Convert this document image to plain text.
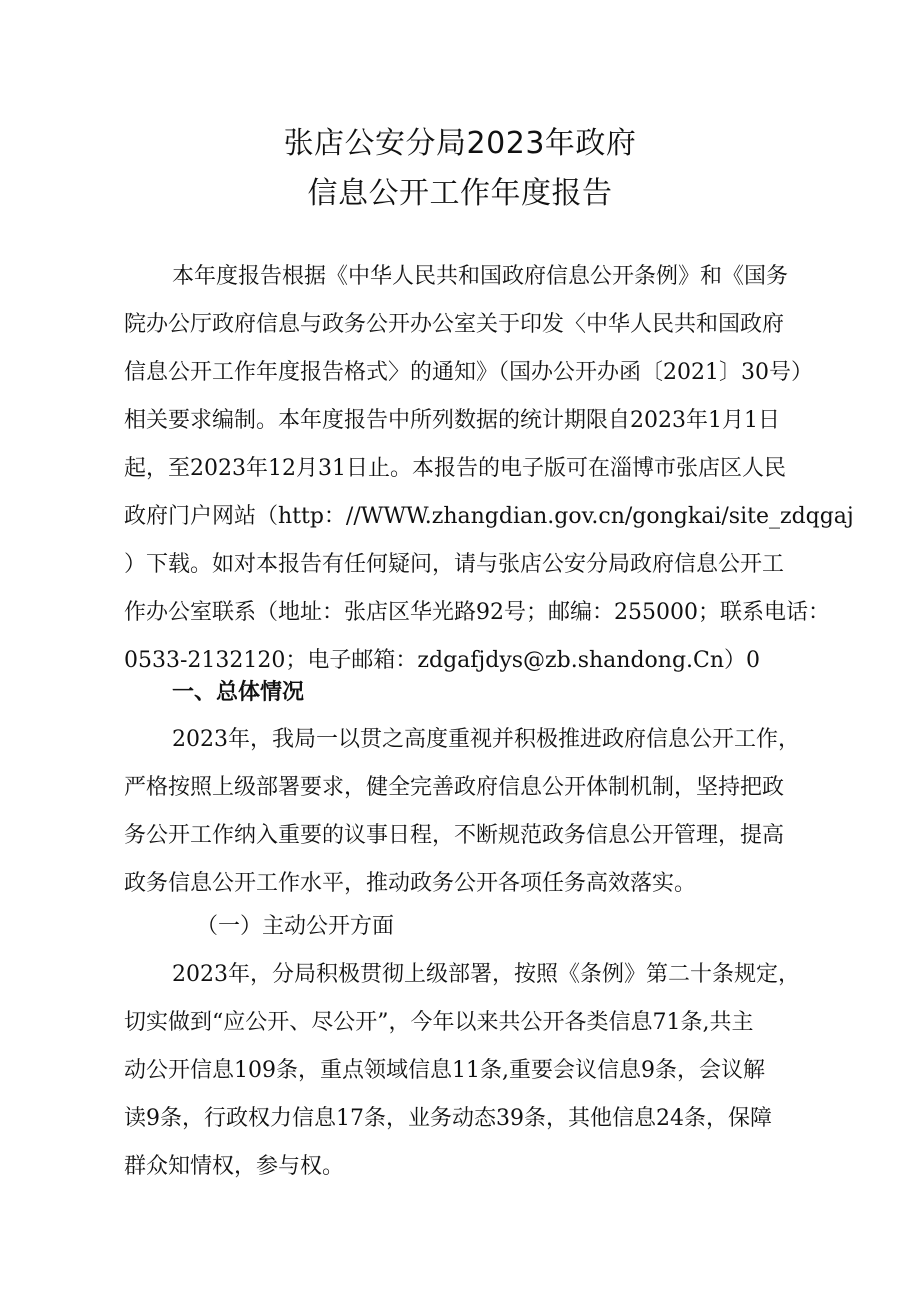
张店公安分局2023年政府
信息公开工作年度报告
本年度报告根据《中华人民共和国政府信息公开条例》和《国务
院办公厅政府信息与政务公开办公室关于印发〈中华人民共和国政府
信息公开工作年度报告格式〉的通知》（国办公开办函〔2021〕30号）
相关要求编制。本年度报告中所列数据的统计期限自2023年1月1日
起，至2023年12月31日止。本报告的电子版可在淄博市张店区人民
政府门户网站（http：//WWW.zhangdian.gov.cn/gongkai/site_zdqgaj
）下载。如对本报告有任何疑问，请与张店公安分局政府信息公开工
作办公室联系（地址：张店区华光路92号；邮编：255000；联系电话：
0533-2132120；电子邮箱：zdgafjdys@zb.shandong.Cn）0
一、总体情况
2023年，我局一以贯之高度重视并积极推进政府信息公开工作，
严格按照上级部署要求，健全完善政府信息公开体制机制，坚持把政
务公开工作纳入重要的议事日程，不断规范政务信息公开管理，提高
政务信息公开工作水平，推动政务公开各项任务高效落实。
（一）主动公开方面
2023年，分局积极贯彻上级部署，按照《条例》第二十条规定，
切实做到“应公开、尽公开”，今年以来共公开各类信息71条,共主
动公开信息109条，重点领域信息11条,重要会议信息9条，会议解
读9条，行政权力信息17条，业务动态39条，其他信息24条，保障
群众知情权，参与权。
